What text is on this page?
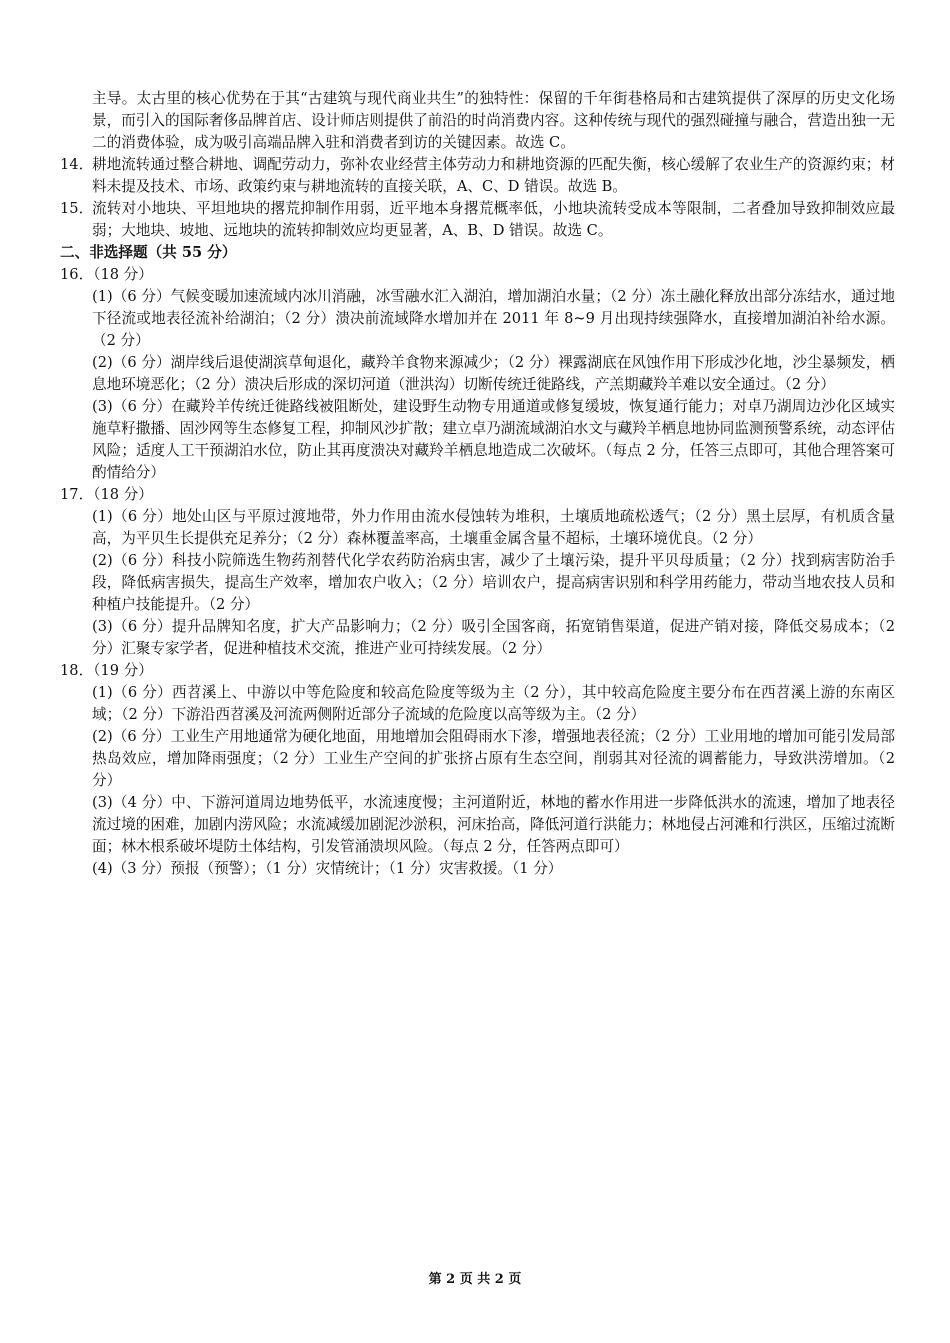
主导。太古里的核心优势在于其“古建筑与现代商业共生”的独特性：保留的千年街巷格局和古建筑提供了深厚的历史文化场景，而引入的国际奢侈品牌首店、设计师店则提供了前沿的时尚消费内容。这种传统与现代的强烈碰撞与融合，营造出独一无二的消费体验，成为吸引高端品牌入驻和消费者到访的关键因素。故选 C。

14．
耕地流转通过整合耕地、调配劳动力，弥补农业经营主体劳动力和耕地资源的匹配失衡，核心缓解了农业生产的资源约束；材料未提及技术、市场、政策约束与耕地流转的直接关联，A、C、D 错误。故选 B。
15．
流转对小地块、平坦地块的撂荒抑制作用弱，近平地本身撂荒概率低，小地块流转受成本等限制，二者叠加导致抑制效应最弱；大地块、坡地、远地块的流转抑制效应均更显著，A、B、D 错误。故选 C。

二、非选择题（共 55 分）

16．（18 分）

(1)（6 分）气候变暖加速流域内冰川消融，冰雪融水汇入湖泊，增加湖泊水量；（2 分）冻土融化释放出部分冻结水，通过地下径流或地表径流补给湖泊；（2 分）溃决前流域降水增加并在 2011 年 8~9 月出现持续强降水，直接增加湖泊补给水源。（2 分）

(2)（6 分）湖岸线后退使湖滨草甸退化，藏羚羊食物来源减少；（2 分）裸露湖底在风蚀作用下形成沙化地，沙尘暴频发，栖息地环境恶化；（2 分）溃决后形成的深切河道（泄洪沟）切断传统迁徙路线，产羔期藏羚羊难以安全通过。（2 分）

(3)（6 分）在藏羚羊传统迁徙路线被阻断处，建设野生动物专用通道或修复缓坡，恢复通行能力；对卓乃湖周边沙化区域实施草籽撒播、固沙网等生态修复工程，抑制风沙扩散；建立卓乃湖流域湖泊水文与藏羚羊栖息地协同监测预警系统，动态评估风险；适度人工干预湖泊水位，防止其再度溃决对藏羚羊栖息地造成二次破坏。（每点 2 分，任答三点即可，其他合理答案可酌情给分）

17．（18 分）

(1)（6 分）地处山区与平原过渡地带，外力作用由流水侵蚀转为堆积，土壤质地疏松透气；（2 分）黑土层厚，有机质含量高，为平贝生长提供充足养分；（2 分）森林覆盖率高，土壤重金属含量不超标，土壤环境优良。（2 分）

(2)（6 分）科技小院筛选生物药剂替代化学农药防治病虫害，减少了土壤污染，提升平贝母质量；（2 分）找到病害防治手段，降低病害损失，提高生产效率，增加农户收入；（2 分）培训农户，提高病害识别和科学用药能力，带动当地农技人员和种植户技能提升。（2 分）

(3)（6 分）提升品牌知名度，扩大产品影响力；（2 分）吸引全国客商，拓宽销售渠道，促进产销对接，降低交易成本；（2 分）汇聚专家学者，促进种植技术交流，推进产业可持续发展。（2 分）

18．（19 分）

(1)（6 分）西苕溪上、中游以中等危险度和较高危险度等级为主（2 分），其中较高危险度主要分布在西苕溪上游的东南区域；（2 分）下游沿西苕溪及河流两侧附近部分子流域的危险度以高等级为主。（2 分）

(2)（6 分）工业生产用地通常为硬化地面，用地增加会阻碍雨水下渗，增强地表径流；（2 分）工业用地的增加可能引发局部热岛效应，增加降雨强度；（2 分）工业生产空间的扩张挤占原有生态空间，削弱其对径流的调蓄能力，导致洪涝增加。（2 分）

(3)（4 分）中、下游河道周边地势低平，水流速度慢；主河道附近，林地的蓄水作用进一步降低洪水的流速，增加了地表径流过境的困难，加剧内涝风险；水流减缓加剧泥沙淤积，河床抬高，降低河道行洪能力；林地侵占河滩和行洪区，压缩过流断面；林木根系破坏堤防土体结构，引发管涌溃坝风险。（每点 2 分，任答两点即可）

(4)（3 分）预报（预警）；（1 分）灾情统计；（1 分）灾害救援。（1 分）

第 2 页 共 2 页
